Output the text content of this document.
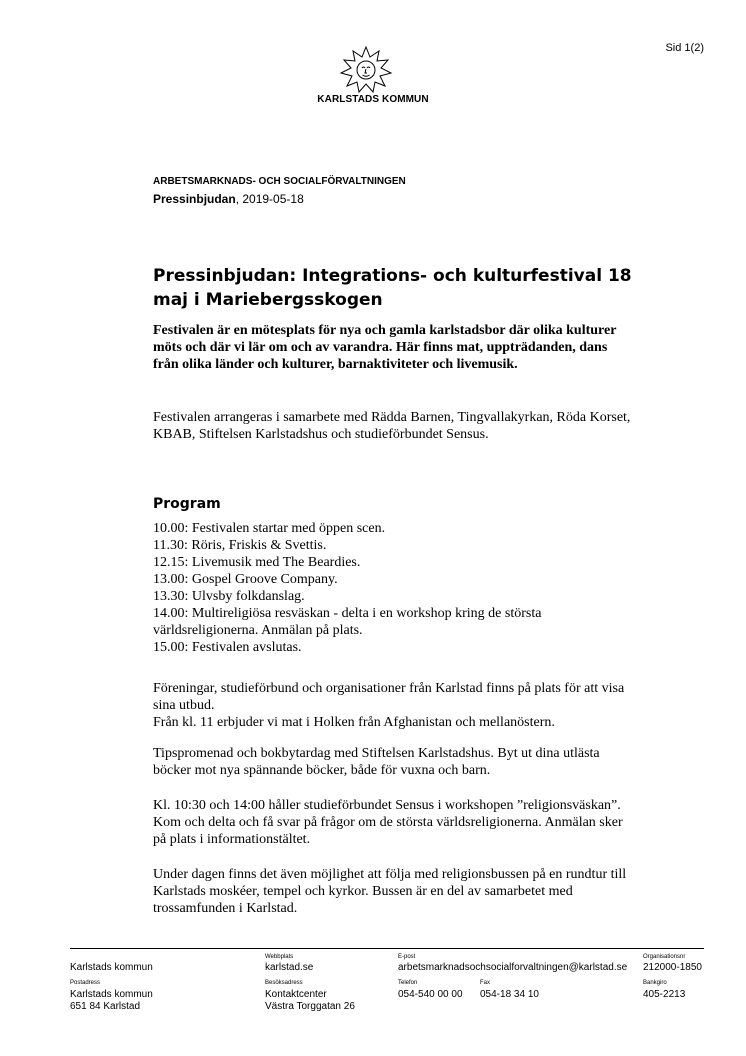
Sid 1(2)
KARLSTADS KOMMUN
ARBETSMARKNADS- OCH SOCIALFÖRVALTNINGEN
Pressinbjudan, 2019-05-18
Pressinbjudan: Integrations- och kulturfestival 18 maj i Mariebergsskogen

Festivalen är en mötesplats för nya och gamla karlstadsbor där olika kulturer möts och där vi lär om och av varandra. Här finns mat, uppträdanden, dans från olika länder och kulturer, barnaktiviteter och livemusik.

Festivalen arrangeras i samarbete med Rädda Barnen, Tingvallakyrkan, Röda Korset, KBAB, Stiftelsen Karlstadshus och studieförbundet Sensus.

Program
10.00: Festivalen startar med öppen scen.
11.30: Röris, Friskis & Svettis.
12.15: Livemusik med The Beardies.
13.00: Gospel Groove Company.
13.30: Ulvsby folkdanslag.
14.00: Multireligiösa resväskan - delta i en workshop kring de största världsreligionerna. Anmälan på plats.
15.00: Festivalen avslutas.
Föreningar, studieförbund och organisationer från Karlstad finns på plats för att visa sina utbud.
Från kl. 11 erbjuder vi mat i Holken från Afghanistan och mellanöstern.

Tipspromenad och bokbytardag med Stiftelsen Karlstadshus. Byt ut dina utlästa böcker mot nya spännande böcker, både för vuxna och barn.

Kl. 10:30 och 14:00 håller studieförbundet Sensus i workshopen ”religionsväskan”. Kom och delta och få svar på frågor om de största världsreligionerna. Anmälan sker på plats i informationstältet.

Under dagen finns det även möjlighet att följa med religionsbussen på en rundtur till Karlstads moskéer, tempel och kyrkor. Bussen är en del av samarbetet med trossamfunden i Karlstad.

Karlstads kommun
Webbplats
karlstad.se
E-post
arbetsmarknadsochsocialforvaltningen@karlstad.se
Organisationsnr
212000-1850
Postadress
Karlstads kommun
651 84 Karlstad
Besöksadress
Kontaktcenter
Västra Torggatan 26
Telefon
054-540 00 00
Fax
054-18 34 10
Bankgiro
405-2213
